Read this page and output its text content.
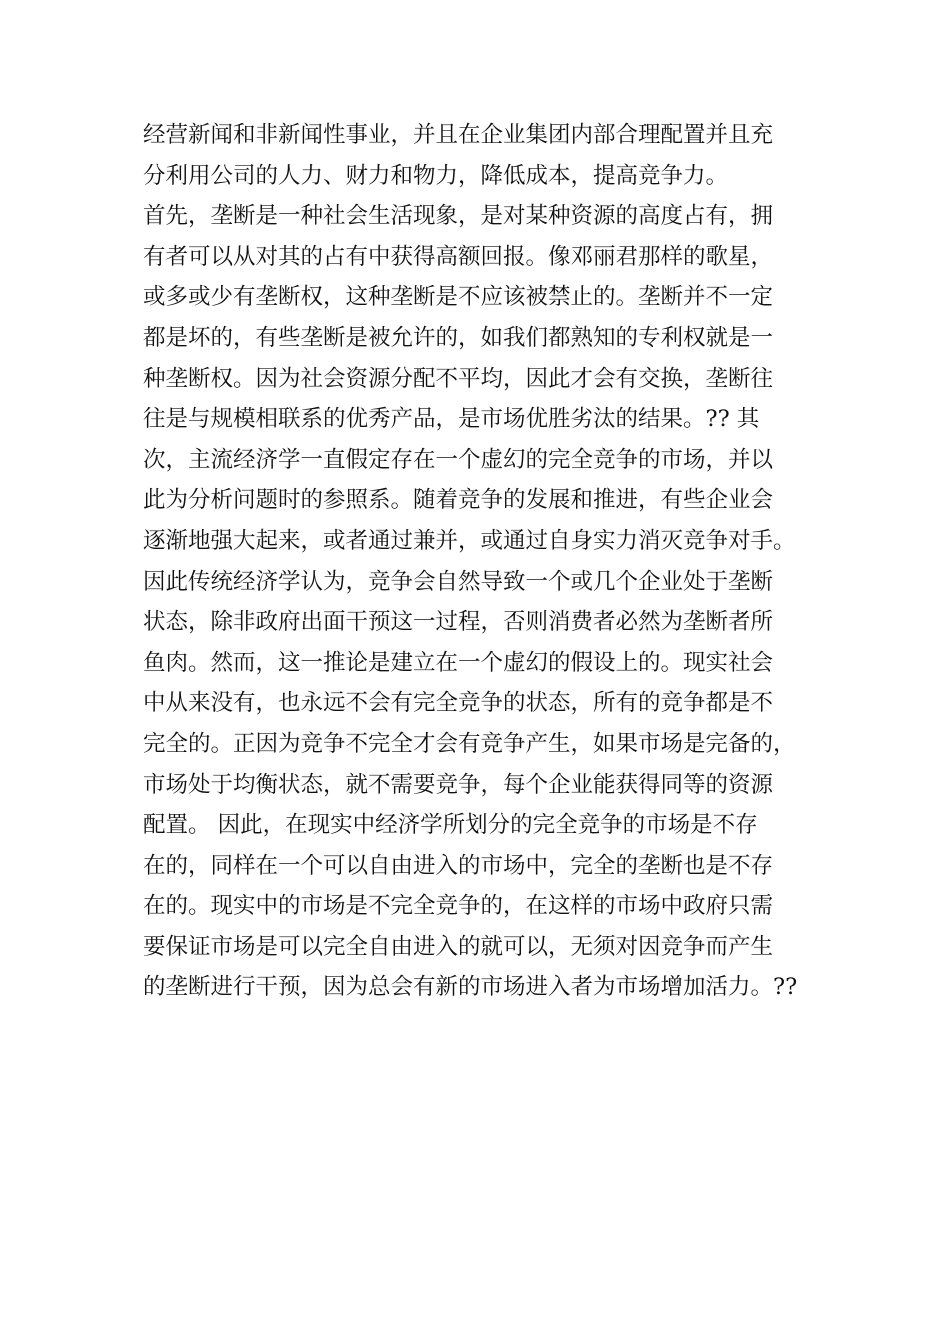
经营新闻和非新闻性事业，并且在企业集团内部合理配置并且充
分利用公司的人力、财力和物力，降低成本，提高竞争力。
首先，垄断是一种社会生活现象，是对某种资源的高度占有，拥
有者可以从对其的占有中获得高额回报。像邓丽君那样的歌星，
或多或少有垄断权，这种垄断是不应该被禁止的。垄断并不一定
都是坏的，有些垄断是被允许的，如我们都熟知的专利权就是一
种垄断权。因为社会资源分配不平均，因此才会有交换，垄断往
往是与规模相联系的优秀产品，是市场优胜劣汰的结果。?? 其
次，主流经济学一直假定存在一个虚幻的完全竞争的市场，并以
此为分析问题时的参照系。随着竞争的发展和推进，有些企业会
逐渐地强大起来，或者通过兼并，或通过自身实力消灭竞争对手。
因此传统经济学认为，竞争会自然导致一个或几个企业处于垄断
状态，除非政府出面干预这一过程，否则消费者必然为垄断者所
鱼肉。然而，这一推论是建立在一个虚幻的假设上的。现实社会
中从来没有，也永远不会有完全竞争的状态，所有的竞争都是不
完全的。正因为竞争不完全才会有竞争产生，如果市场是完备的，
市场处于均衡状态，就不需要竞争，每个企业能获得同等的资源
配置。 因此，在现实中经济学所划分的完全竞争的市场是不存
在的，同样在一个可以自由进入的市场中，完全的垄断也是不存
在的。现实中的市场是不完全竞争的，在这样的市场中政府只需
要保证市场是可以完全自由进入的就可以，无须对因竞争而产生
的垄断进行干预，因为总会有新的市场进入者为市场增加活力。??
